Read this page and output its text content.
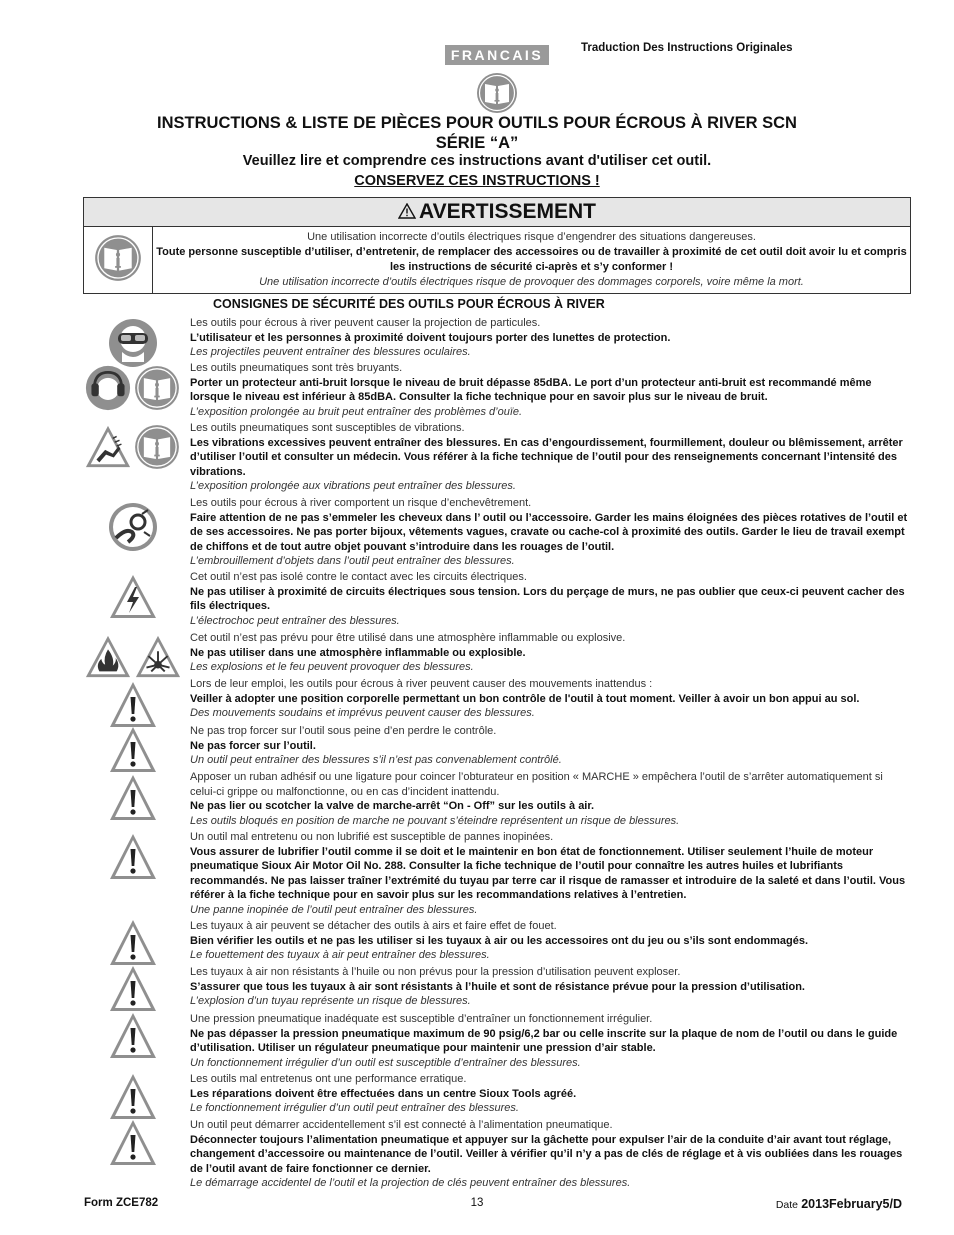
FRANCAIS	Traduction Des Instructions Originales
INSTRUCTIONS & LISTE DE PIÈCES POUR OUTILS POUR ÉCROUS À RIVER SCN
SÉRIE “A”
Veuillez lire et comprendre ces instructions avant d'utiliser cet outil.
CONSERVEZ CES INSTRUCTIONS !
AVERTISSEMENT
Une utilisation incorrecte d’outils électriques risque d’engendrer des situations dangereuses.
Toute personne susceptible d’utiliser, d’entretenir, de remplacer des accessoires ou de travailler à proximité de cet outil doit avoir lu et compris les instructions de sécurité ci-après et s’y conformer !
Une utilisation incorrecte d’outils électriques risque de provoquer des dommages corporels, voire même la mort.
CONSIGNES DE SÉCURITÉ DES OUTILS POUR ÉCROUS À RIVER
Les outils pour écrous à river peuvent causer la projection de particules.
L’utilisateur et les personnes à proximité doivent toujours porter des lunettes de protection.
Les projectiles peuvent entraîner des blessures oculaires.
Les outils pneumatiques sont très bruyants.
Porter un protecteur anti-bruit lorsque le niveau de bruit dépasse 85dBA. Le port d’un protecteur anti-bruit est recommandé même lorsque le niveau est inférieur à 85dBA. Consulter la fiche technique pour en savoir plus sur le niveau de bruit.
L’exposition prolongée au bruit peut entraîner des problèmes d’ouïe.
Les outils pneumatiques sont susceptibles de vibrations.
Les vibrations excessives peuvent entraîner des blessures. En cas d’engourdissement, fourmillement, douleur ou blêmissement, arrêter d’utiliser l’outil et consulter un médecin. Vous référer à la fiche technique de l’outil pour des renseignements concernant l’intensité des vibrations.
L’exposition prolongée aux vibrations peut entraîner des blessures.
Les outils pour écrous à river comportent un risque d’enchevêtrement.
Faire attention de ne pas s’emmeler les cheveux dans l’ outil ou l’accessoire. Garder les mains éloignées des pièces rotatives de l’outil et de ses accessoires. Ne pas porter bijoux, vêtements vagues, cravate ou cache-col à proximité des outils. Garder le lieu de travail exempt de chiffons et de tout autre objet pouvant s’introduire dans les rouages de l’outil.
L’embrouillement d’objets dans l’outil peut entraîner des blessures.
Cet outil n’est pas isolé contre le contact avec les circuits électriques.
Ne pas utiliser à proximité de circuits électriques sous tension. Lors du perçage de murs, ne pas oublier que ceux-ci peuvent cacher des fils électriques.
L’électrochoc peut entraîner des blessures.
Cet outil n’est pas prévu pour être utilisé dans une atmosphère inflammable ou explosive.
Ne pas utiliser dans une atmosphère inflammable ou explosible.
Les explosions et le feu peuvent provoquer des blessures.
Lors de leur emploi, les outils pour écrous à river peuvent causer des mouvements inattendus :
Veiller à adopter une position corporelle permettant un bon contrôle de l'outil à tout moment. Veiller à avoir un bon appui au sol.
Des mouvements soudains et imprévus peuvent causer des blessures.
Ne pas trop forcer sur l’outil sous peine d’en perdre le contrôle.
Ne pas forcer sur l’outil.
Un outil peut entraîner des blessures s’il n’est pas convenablement contrôlé.
Apposer un ruban adhésif ou une ligature pour coincer l’obturateur en position « MARCHE » empêchera l’outil de s’arrêter automatiquement si celui-ci grippe ou malfonctionne, ou en cas d’incident inattendu.
Ne pas lier ou scotcher la valve de marche-arrêt “On - Off” sur les outils à air.
Les outils bloqués en position de marche ne pouvant s’éteindre représentent un risque de blessures.
Un outil mal entretenu ou non lubrifié est susceptible de pannes inopinées.
Vous assurer de lubrifier l’outil comme il se doit et le maintenir en bon état de fonctionnement. Utiliser seulement l’huile de moteur pneumatique Sioux Air Motor Oil No. 288. Consulter la fiche technique de l’outil pour connaître les autres huiles et lubrifiants recommandés. Ne pas laisser traîner l’extrémité du tuyau par terre car il risque de ramasser et introduire de la saleté et dans l’outil. Vous référer à la fiche technique pour en savoir plus sur les recommandations relatives à l’entretien.
Une panne inopinée de l’outil peut entraîner des blessures.
Les tuyaux à air peuvent se détacher des outils à airs et faire effet de fouet.
Bien vérifier les outils et ne pas les utiliser si les tuyaux à air ou les accessoires ont du jeu ou s’ils sont endommagés.
Le fouettement des tuyaux à air peut entraîner des blessures.
Les tuyaux à air non résistants à l’huile ou non prévus pour la pression d’utilisation peuvent exploser.
S’assurer que tous les tuyaux à air sont résistants à l’huile et sont de résistance prévue pour la pression d’utilisation.
L’explosion d’un tuyau représente un risque de blessures.
Une pression pneumatique inadéquate est susceptible d’entraîner un fonctionnement irrégulier.
Ne pas dépasser la pression pneumatique maximum de 90 psig/6,2 bar ou celle inscrite sur la plaque de nom de l’outil ou dans le guide d’utilisation. Utiliser un régulateur pneumatique pour maintenir une pression d’air stable.
Un fonctionnement irrégulier d’un outil est susceptible d’entraîner des blessures.
Les outils mal entretenus ont une performance erratique.
Les réparations doivent être effectuées dans un centre Sioux Tools agréé.
Le fonctionnement irrégulier d’un outil peut entraîner des blessures.
Un outil peut démarrer accidentellement s’il est connecté à l’alimentation pneumatique.
Déconnecter toujours l’alimentation pneumatique et appuyer sur la gâchette pour expulser l’air de la conduite d’air avant tout réglage, changement d’accessoire ou maintenance de l’outil. Veiller à vérifier qu’il n’y a pas de clés de réglage et à vis oubliées dans les rouages de l’outil avant de faire fonctionner ce dernier.
Le démarrage accidentel de l’outil et la projection de clés peuvent entraîner des blessures.
Form ZCE782	13	Date 2013February5/D
